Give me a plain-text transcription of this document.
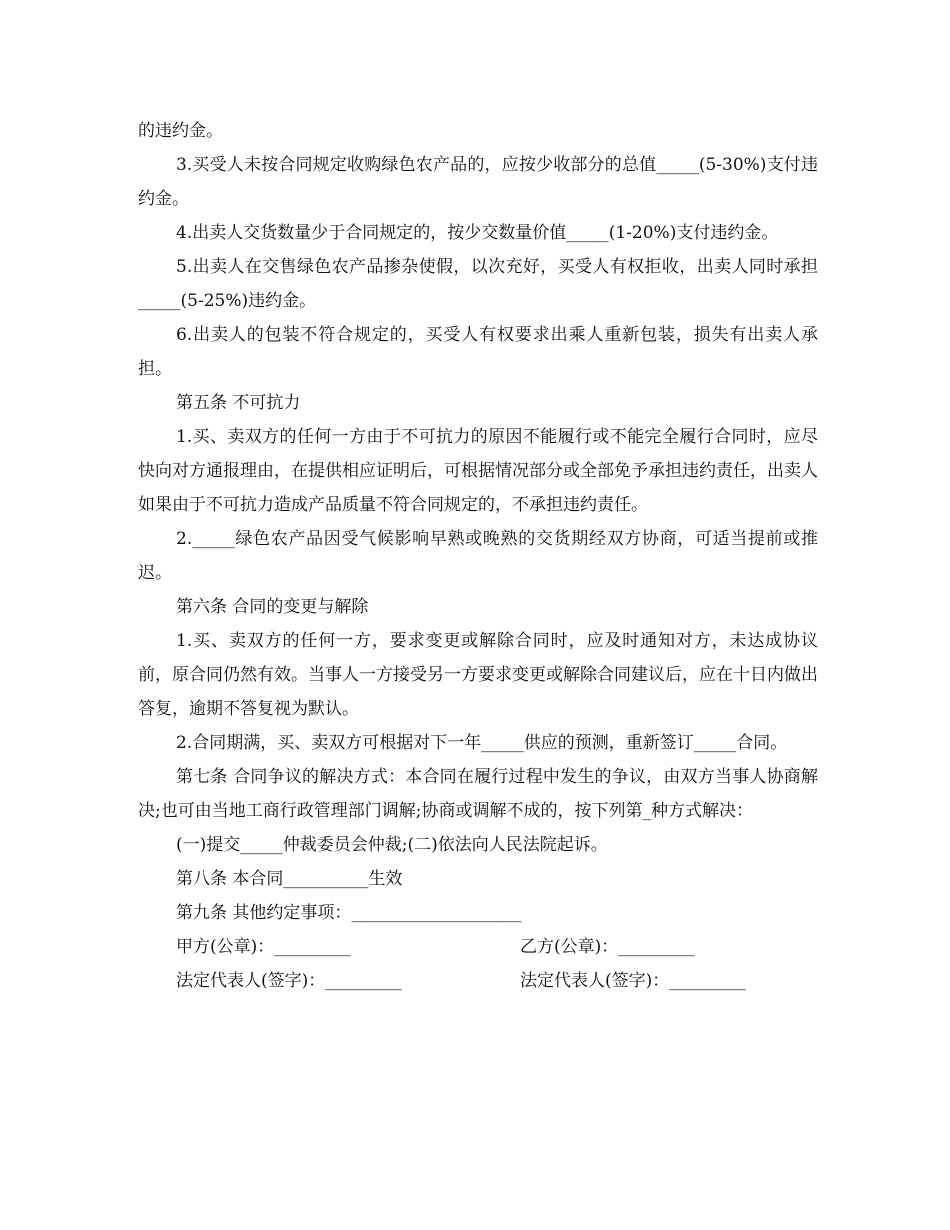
的违约金。

3.买受人未按合同规定收购绿色农产品的，应按少收部分的总值_____(5-30%)支付违约金。

4.出卖人交货数量少于合同规定的，按少交数量价值_____(1-20%)支付违约金。

5.出卖人在交售绿色农产品掺杂使假，以次充好，买受人有权拒收，出卖人同时承担_____(5-25%)违约金。

6.出卖人的包装不符合规定的，买受人有权要求出乘人重新包装，损失有出卖人承担。

第五条 不可抗力

1.买、卖双方的任何一方由于不可抗力的原因不能履行或不能完全履行合同时，应尽快向对方通报理由，在提供相应证明后，可根据情况部分或全部免予承担违约责任，出卖人如果由于不可抗力造成产品质量不符合同规定的，不承担违约责任。

2._____绿色农产品因受气候影响早熟或晚熟的交货期经双方协商，可适当提前或推迟。

第六条 合同的变更与解除

1.买、卖双方的任何一方，要求变更或解除合同时，应及时通知对方，未达成协议前，原合同仍然有效。当事人一方接受另一方要求变更或解除合同建议后，应在十日内做出答复，逾期不答复视为默认。

2.合同期满，买、卖双方可根据对下一年_____供应的预测，重新签订_____合同。

第七条 合同争议的解决方式：本合同在履行过程中发生的争议，由双方当事人协商解决;也可由当地工商行政管理部门调解;协商或调解不成的，按下列第_种方式解决：

(一)提交_____仲裁委员会仲裁;(二)依法向人民法院起诉。

第八条 本合同__________生效

第九条 其他约定事项：____________________

甲方(公章)：_________	乙方(公章)：_________
法定代表人(签字)：_________	法定代表人(签字)：_________
